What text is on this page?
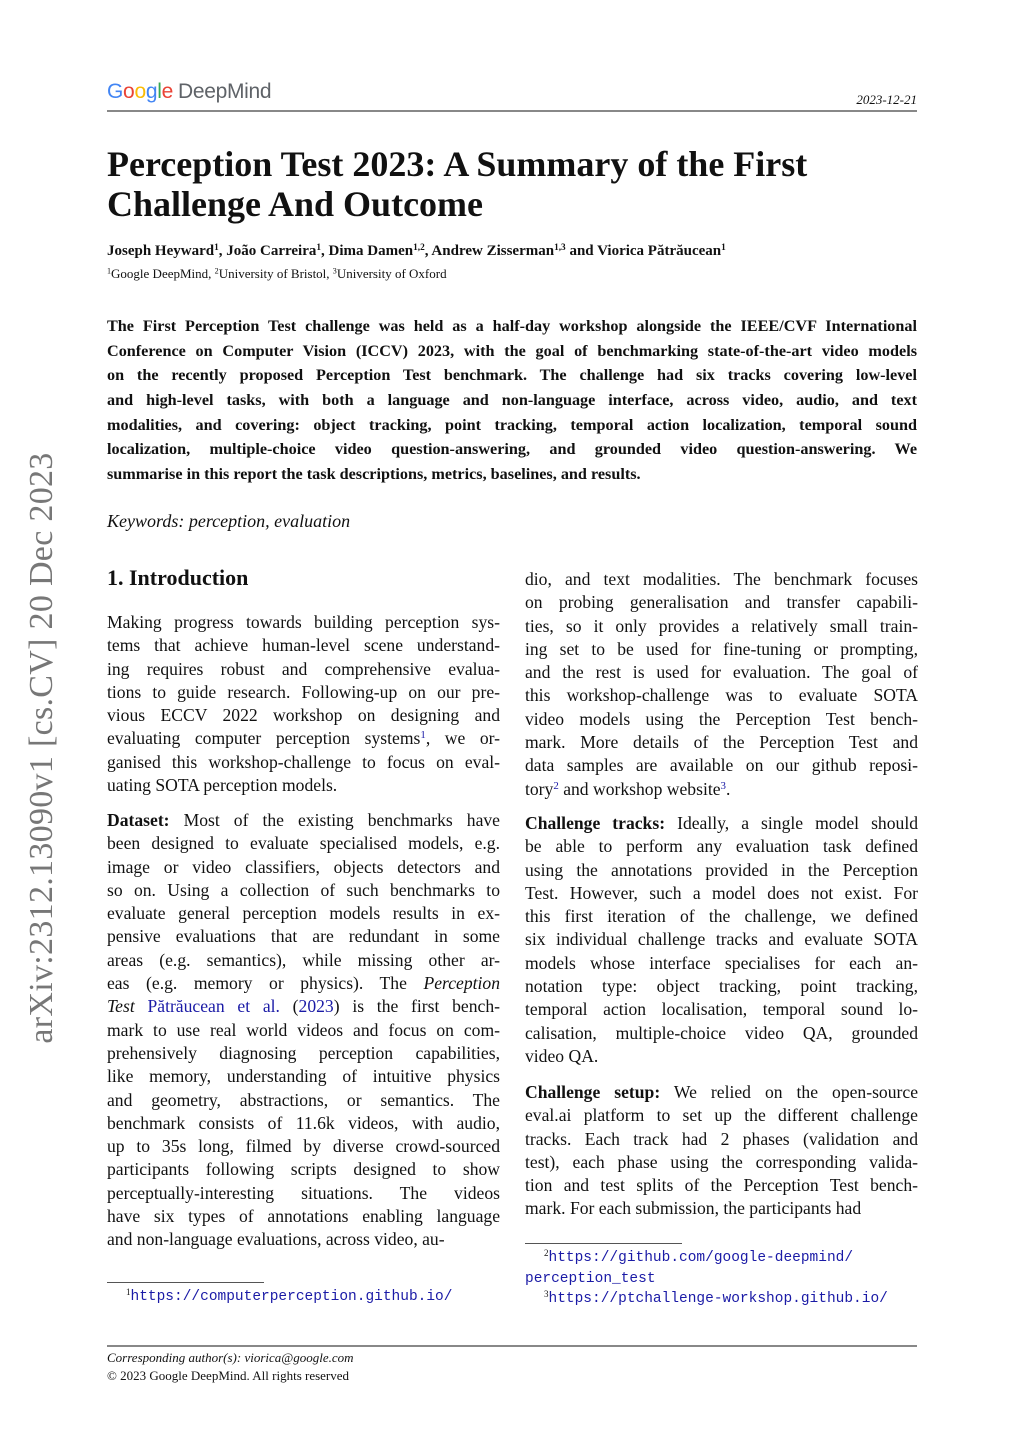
Google DeepMind	2023-12-21
arXiv:2312.13090v1 [cs.CV] 20 Dec 2023
Perception Test 2023: A Summary of the First
Challenge And Outcome
Joseph Heyward$^1$, João Carreira$^1$, Dima Damen$^{1,2}$, Andrew Zisserman$^{1,3}$ and Viorica Pătrăucean$^1$
$^1$Google DeepMind, $^2$University of Bristol, $^3$University of Oxford
The First Perception Test challenge was held as a half-day workshop alongside the IEEE/CVF International
Conference on Computer Vision (ICCV) 2023, with the goal of benchmarking state-of-the-art video models
on the recently proposed Perception Test benchmark. The challenge had six tracks covering low-level
and high-level tasks, with both a language and non-language interface, across video, audio, and text
modalities, and covering: object tracking, point tracking, temporal action localization, temporal sound
localization, multiple-choice video question-answering, and grounded video question-answering. We
summarise in this report the task descriptions, metrics, baselines, and results.
Keywords: perception, evaluation
1. Introduction
Making progress towards building perception sys-
tems that achieve human-level scene understand-
ing requires robust and comprehensive evalua-
tions to guide research. Following-up on our pre-
vious ECCV 2022 workshop on designing and
evaluating computer perception systems$^1$, we or-
ganised this workshop-challenge to focus on eval-
uating SOTA perception models.
Dataset: Most of the existing benchmarks have
been designed to evaluate specialised models, e.g.
image or video classifiers, objects detectors and
so on. Using a collection of such benchmarks to
evaluate general perception models results in ex-
pensive evaluations that are redundant in some
areas (e.g. semantics), while missing other ar-
eas (e.g. memory or physics). The Perception
Test Pătrăucean et al. (2023) is the first bench-
mark to use real world videos and focus on com-
prehensively diagnosing perception capabilities,
like memory, understanding of intuitive physics
and geometry, abstractions, or semantics. The
benchmark consists of 11.6k videos, with audio,
up to 35s long, filmed by diverse crowd-sourced
participants following scripts designed to show
perceptually-interesting situations. The videos
have six types of annotations enabling language
and non-language evaluations, across video, au-
dio, and text modalities. The benchmark focuses
on probing generalisation and transfer capabili-
ties, so it only provides a relatively small train-
ing set to be used for fine-tuning or prompting,
and the rest is used for evaluation. The goal of
this workshop-challenge was to evaluate SOTA
video models using the Perception Test bench-
mark. More details of the Perception Test and
data samples are available on our github reposi-
tory$^2$ and workshop website$^3$.
Challenge tracks: Ideally, a single model should
be able to perform any evaluation task defined
using the annotations provided in the Perception
Test. However, such a model does not exist. For
this first iteration of the challenge, we defined
six individual challenge tracks and evaluate SOTA
models whose interface specialises for each an-
notation type: object tracking, point tracking,
temporal action localisation, temporal sound lo-
calisation, multiple-choice video QA, grounded
video QA.
Challenge setup: We relied on the open-source
eval.ai platform to set up the different challenge
tracks. Each track had 2 phases (validation and
test), each phase using the corresponding valida-
tion and test splits of the Perception Test bench-
mark. For each submission, the participants had
$^2$https://github.com/google-deepmind/
perception_test
$^3$https://ptchallenge-workshop.github.io/
$^1$https://computerperception.github.io/
Corresponding author(s): viorica@google.com
© 2023 Google DeepMind. All rights reserved
